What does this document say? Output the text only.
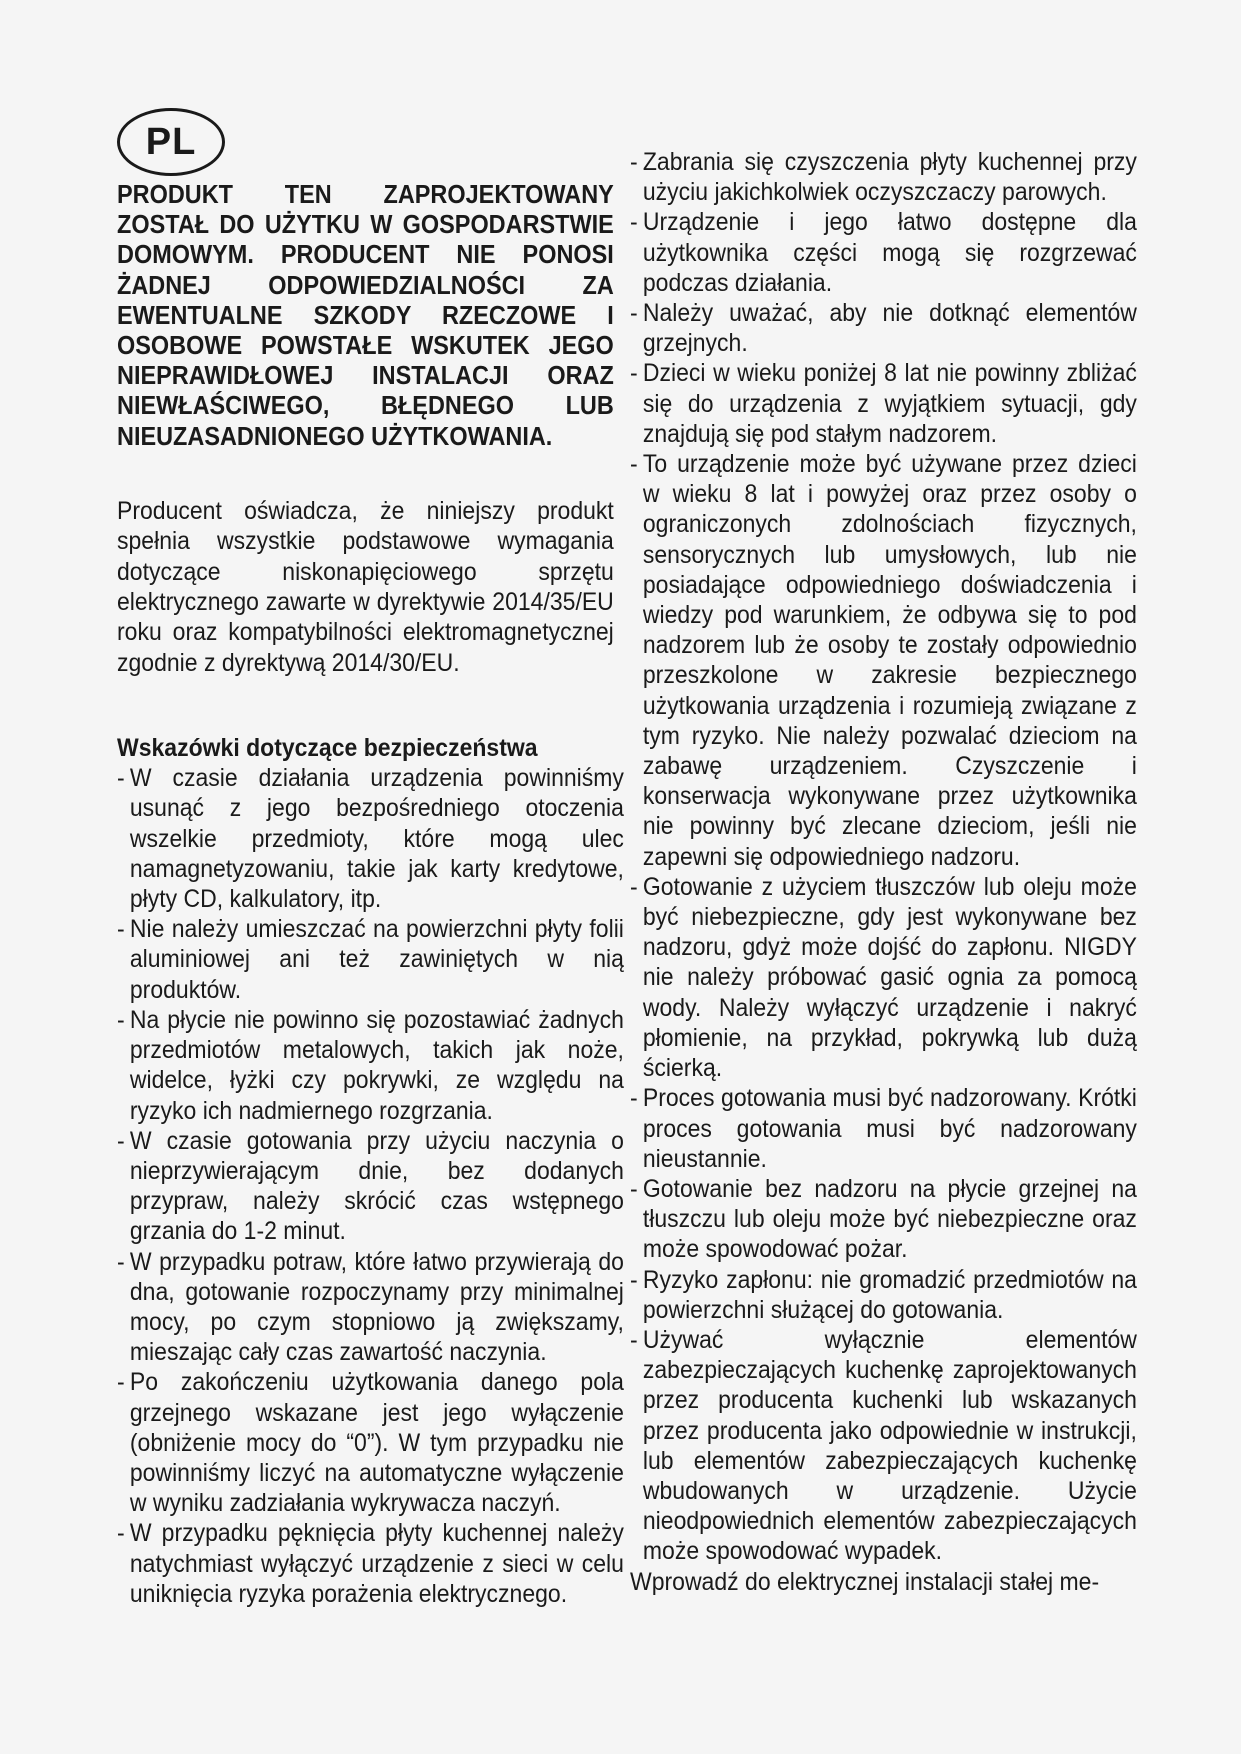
PL

PRODUKT TEN ZAPROJEKTOWANY ZOSTAŁ DO UŻYTKU W GOSPODARSTWIE DOMOWYM. PRODUCENT NIE PONOSI ŻADNEJ ODPOWIEDZIALNOŚCI ZA EWENTUALNE SZKODY RZECZOWE I OSOBOWE POWSTAŁE WSKUTEK JEGO NIEPRAWIDŁOWEJ INSTALACJI ORAZ NIEWŁAŚCIWEGO, BŁĘDNEGO LUB NIEUZASADNIONEGO UŻYTKOWANIA.

Producent oświadcza, że niniejszy produkt spełnia wszystkie podstawowe wymagania dotyczące niskonapięciowego sprzętu elektrycznego zawarte w dyrektywie 2014/35/EU roku oraz kompatybilności elektromagnetycznej zgodnie z dyrektywą 2014/30/EU.

Wskazówki dotyczące bezpieczeństwa
- W czasie działania urządzenia powinniśmy usunąć z jego bezpośredniego otoczenia wszelkie przedmioty, które mogą ulec namagnetyzowaniu, takie jak karty kredytowe, płyty CD, kalkulatory, itp.
- Nie należy umieszczać na powierzchni płyty folii aluminiowej ani też zawiniętych w nią produktów.
- Na płycie nie powinno się pozostawiać żadnych przedmiotów metalowych, takich jak noże, widelce, łyżki czy pokrywki, ze względu na ryzyko ich nadmiernego rozgrzania.
- W czasie gotowania przy użyciu naczynia o nieprzywierającym dnie, bez dodanych przypraw, należy skrócić czas wstępnego grzania do 1-2 minut.
- W przypadku potraw, które łatwo przywierają do dna, gotowanie rozpoczynamy przy minimalnej mocy, po czym stopniowo ją zwiększamy, mieszając cały czas zawartość naczynia.
- Po zakończeniu użytkowania danego pola grzejnego wskazane jest jego wyłączenie (obniżenie mocy do “0”). W tym przypadku nie powinniśmy liczyć na automatyczne wyłączenie w wyniku zadziałania wykrywacza naczyń.
- W przypadku pęknięcia płyty kuchennej należy natychmiast wyłączyć urządzenie z sieci w celu uniknięcia ryzyka porażenia elektrycznego.
- Zabrania się czyszczenia płyty kuchennej przy użyciu jakichkolwiek oczyszczaczy parowych.
- Urządzenie i jego łatwo dostępne dla użytkownika części mogą się rozgrzewać podczas działania.
- Należy uważać, aby nie dotknąć elementów grzejnych.
- Dzieci w wieku poniżej 8 lat nie powinny zbliżać się do urządzenia z wyjątkiem sytuacji, gdy znajdują się pod stałym nadzorem.
- To urządzenie może być używane przez dzieci w wieku 8 lat i powyżej oraz przez osoby o ograniczonych zdolnościach fizycznych, sensorycznych lub umysłowych, lub nie posiadające odpowiedniego doświadczenia i wiedzy pod warunkiem, że odbywa się to pod nadzorem lub że osoby te zostały odpowiednio przeszkolone w zakresie bezpiecznego użytkowania urządzenia i rozumieją związane z tym ryzyko. Nie należy pozwalać dzieciom na zabawę urządzeniem. Czyszczenie i konserwacja wykonywane przez użytkownika nie powinny być zlecane dzieciom, jeśli nie zapewni się odpowiedniego nadzoru.
- Gotowanie z użyciem tłuszczów lub oleju może być niebezpieczne, gdy jest wykonywane bez nadzoru, gdyż może dojść do zapłonu. NIGDY nie należy próbować gasić ognia za pomocą wody. Należy wyłączyć urządzenie i nakryć płomienie, na przykład, pokrywką lub dużą ścierką.
- Proces gotowania musi być nadzorowany. Krótki proces gotowania musi być nadzorowany nieustannie.
- Gotowanie bez nadzoru na płycie grzejnej na tłuszczu lub oleju może być niebezpieczne oraz może spowodować pożar.
- Ryzyko zapłonu: nie gromadzić przedmiotów na powierzchni służącej do gotowania.
- Używać wyłącznie elementów zabezpieczających kuchenkę zaprojektowanych przez producenta kuchenki lub wskazanych przez producenta jako odpowiednie w instrukcji, lub elementów zabezpieczających kuchenkę wbudowanych w urządzenie. Użycie nieodpowiednich elementów zabezpieczających może spowodować wypadek.
Wprowadź do elektrycznej instalacji stałej me-
